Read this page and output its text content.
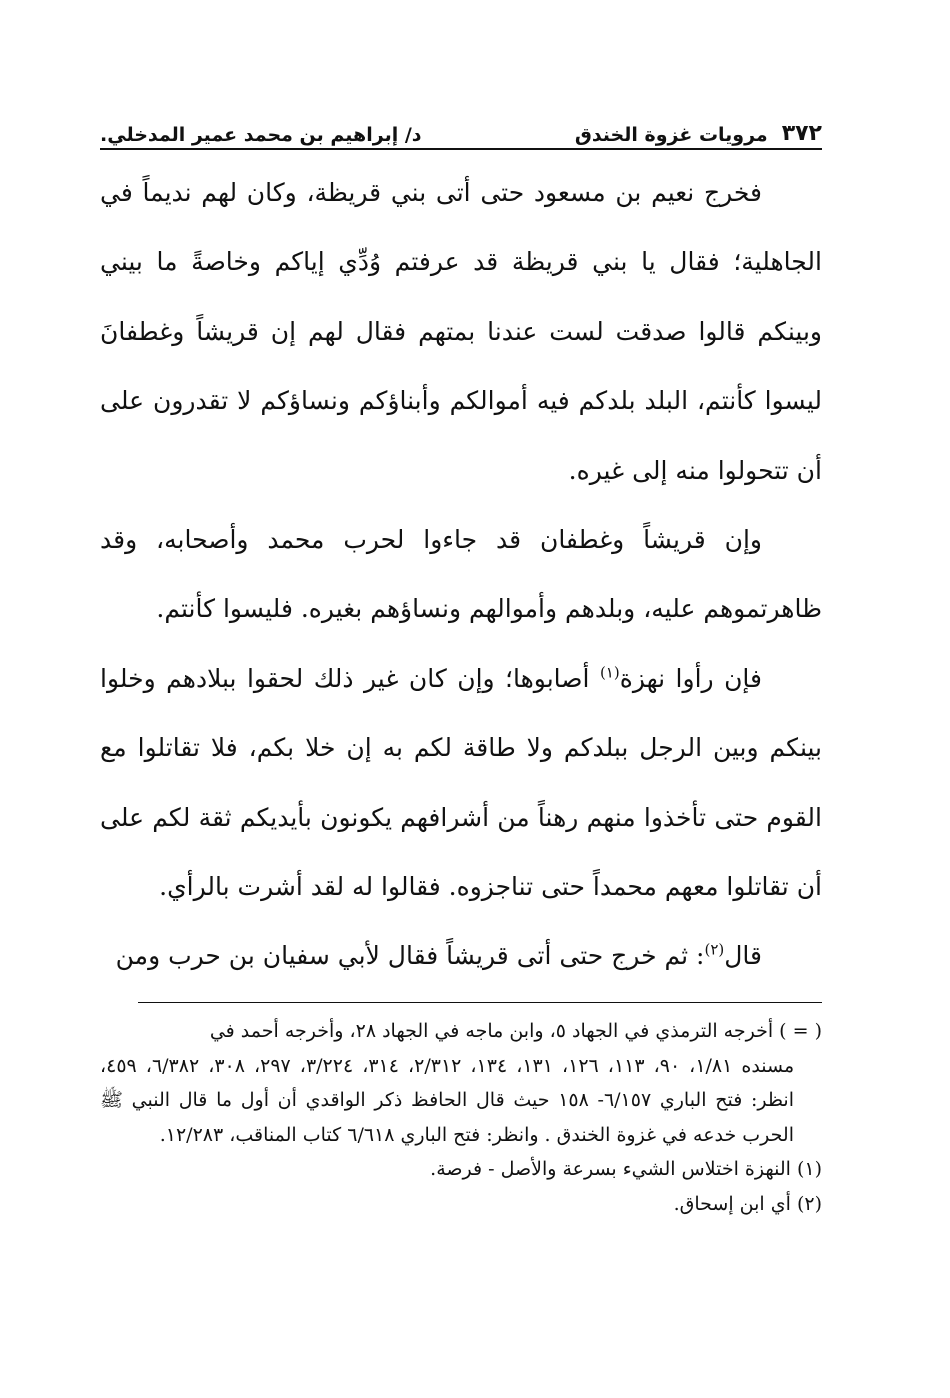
٣٧٢
مرويات غزوة الخندق
د/ إبراهيم بن محمد عمير المدخلي.

فخرج نعيم بن مسعود حتى أتى بني قريظة، وكان لهم نديماً في الجاهلية؛ فقال يا بني قريظة قد عرفتم وُدِّي إياكم وخاصةً ما بيني وبينكم قالوا صدقت لست عندنا بمتهم فقال لهم إن قريشاً وغطفانَ ليسوا كأنتم، البلد بلدكم فيه أموالكم وأبناؤكم ونساؤكم لا تقدرون على أن تتحولوا منه إلى غيره.

وإن قريشاً وغطفان قد جاءوا لحرب محمد وأصحابه، وقد ظاهرتموهم عليه، وبلدهم وأموالهم ونساؤهم بغيره. فليسوا كأنتم.

فإن رأوا نهزة$^{(١)}$ أصابوها؛ وإن كان غير ذلك لحقوا ببلادهم وخلوا بينكم وبين الرجل ببلدكم ولا طاقة لكم به إن خلا بكم، فلا تقاتلوا مع القوم حتى تأخذوا منهم رهناً من أشرافهم يكونون بأيديكم ثقة لكم على أن تقاتلوا معهم محمداً حتى تناجزوه. فقالوا له لقد أشرت بالرأي.

قال$^{(٢)}$: ثم خرج حتى أتى قريشاً فقال لأبي سفيان بن حرب ومن

( = ) أخرجه الترمذي في الجهاد ٥، وابن ماجه في الجهاد ٢٨، وأخرجه أحمد في

مسنده ١/٨١، ٩٠، ١١٣، ١٢٦، ١٣١، ١٣٤، ٢/٣١٢، ٣١٤، ٣/٢٢٤، ٢٩٧، ٣٠٨، ٦/٣٨٢، ٤٥٩، انظر: فتح الباري ٦/١٥٧- ١٥٨ حيث قال الحافظ ذكر الواقدي أن أول ما قال النبي ﷺ الحرب خدعه في غزوة الخندق . وانظر: فتح الباري ٦/٦١٨ كتاب المناقب، ١٢/٢٨٣.

(١) النهزة اختلاس الشيء بسرعة والأصل - فرصة.

(٢) أي ابن إسحاق.
